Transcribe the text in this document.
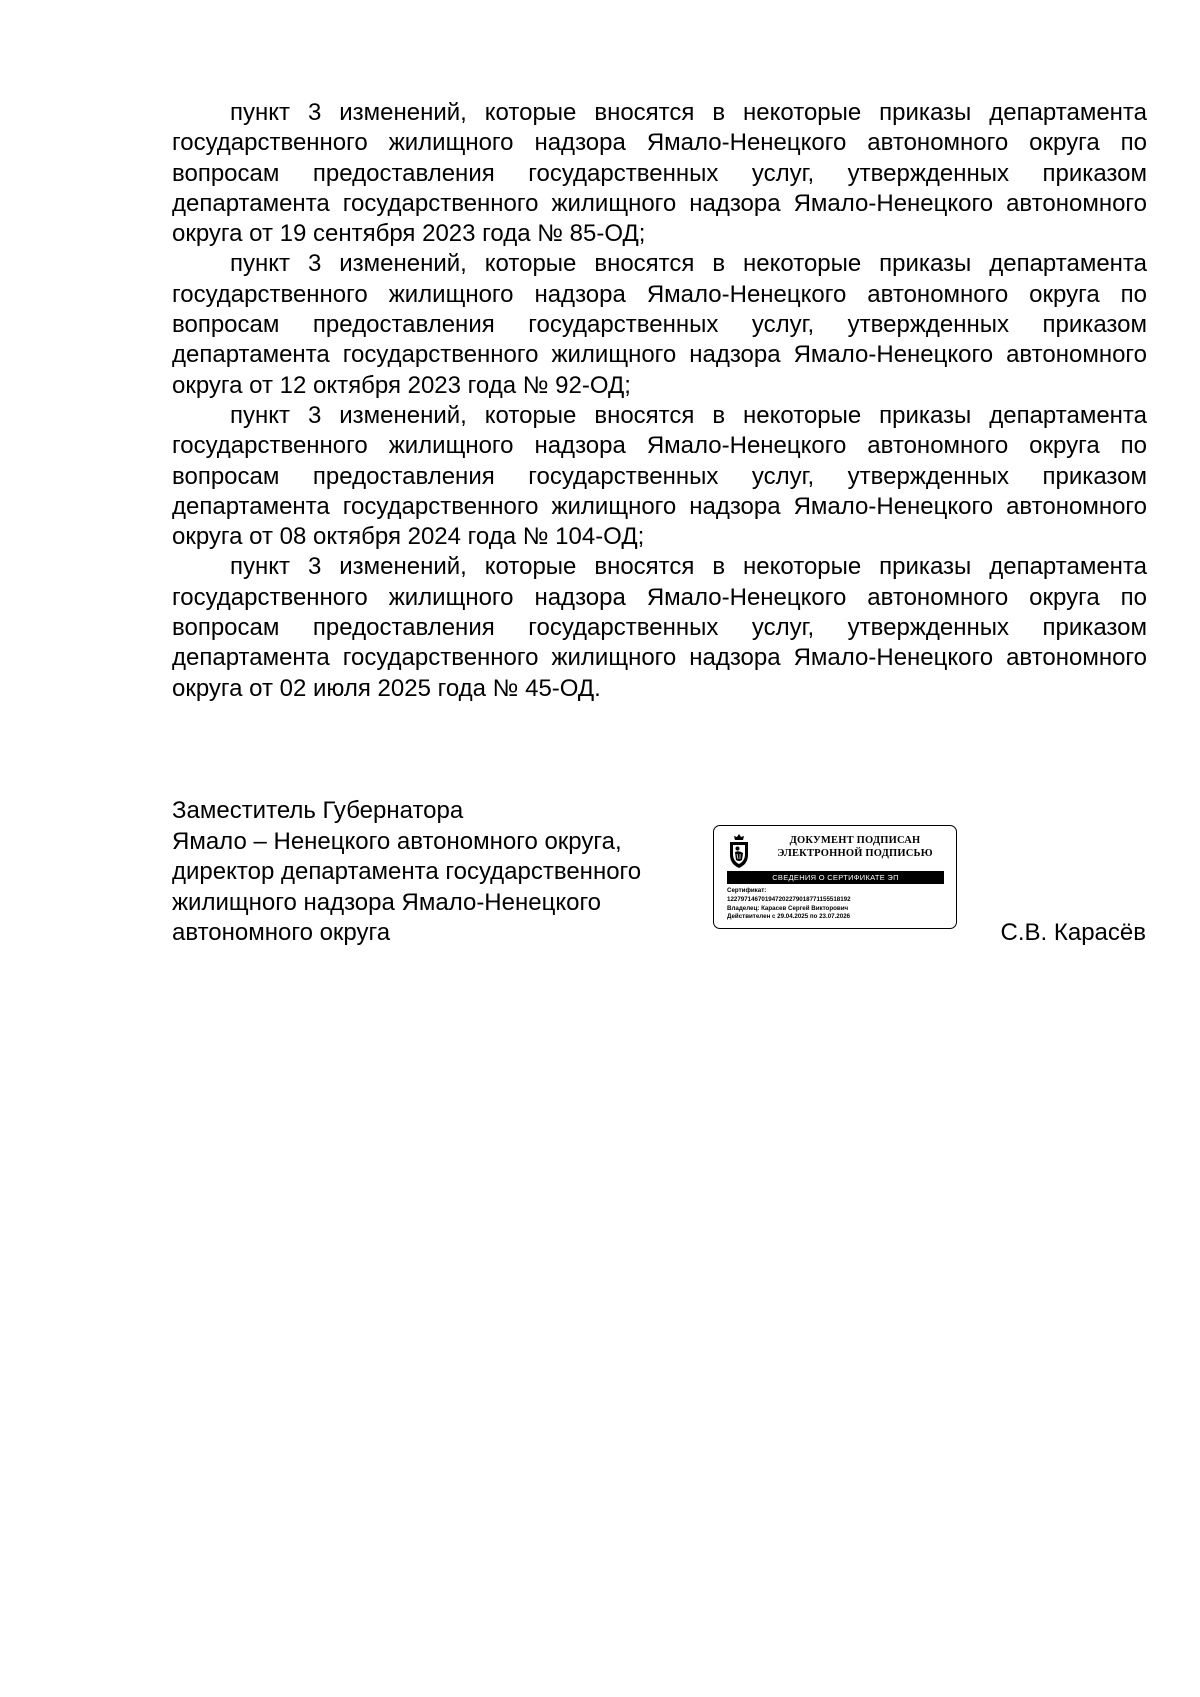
пункт 3 изменений, которые вносятся в некоторые приказы департамента государственного жилищного надзора Ямало-Ненецкого автономного округа по вопросам предоставления государственных услуг, утвержденных приказом департамента государственного жилищного надзора Ямало-Ненецкого автономного округа от 19 сентября 2023 года № 85-ОД;

пункт 3 изменений, которые вносятся в некоторые приказы департамента государственного жилищного надзора Ямало-Ненецкого автономного округа по вопросам предоставления государственных услуг, утвержденных приказом департамента государственного жилищного надзора Ямало-Ненецкого автономного округа от 12 октября 2023 года № 92-ОД;

пункт 3 изменений, которые вносятся в некоторые приказы департамента государственного жилищного надзора Ямало-Ненецкого автономного округа по вопросам предоставления государственных услуг, утвержденных приказом департамента государственного жилищного надзора Ямало-Ненецкого автономного округа от 08 октября 2024 года № 104-ОД;

пункт 3 изменений, которые вносятся в некоторые приказы департамента государственного жилищного надзора Ямало-Ненецкого автономного округа по вопросам предоставления государственных услуг, утвержденных приказом департамента государственного жилищного надзора Ямало-Ненецкого автономного округа от 02 июля 2025 года № 45-ОД.

Заместитель Губернатора
Ямало – Ненецкого автономного округа,
директор департамента государственного
жилищного надзора Ямало-Ненецкого
автономного округа
ДОКУМЕНТ ПОДПИСАН
ЭЛЕКТРОННОЙ ПОДПИСЬЮ
СВЕДЕНИЯ О СЕРТИФИКАТЕ ЭП
Сертификат:
122797146701947202279018771155518192
Владелец: Карасев Сергей Викторович
Действителен с 29.04.2025 по 23.07.2026
С.В. Карасёв
